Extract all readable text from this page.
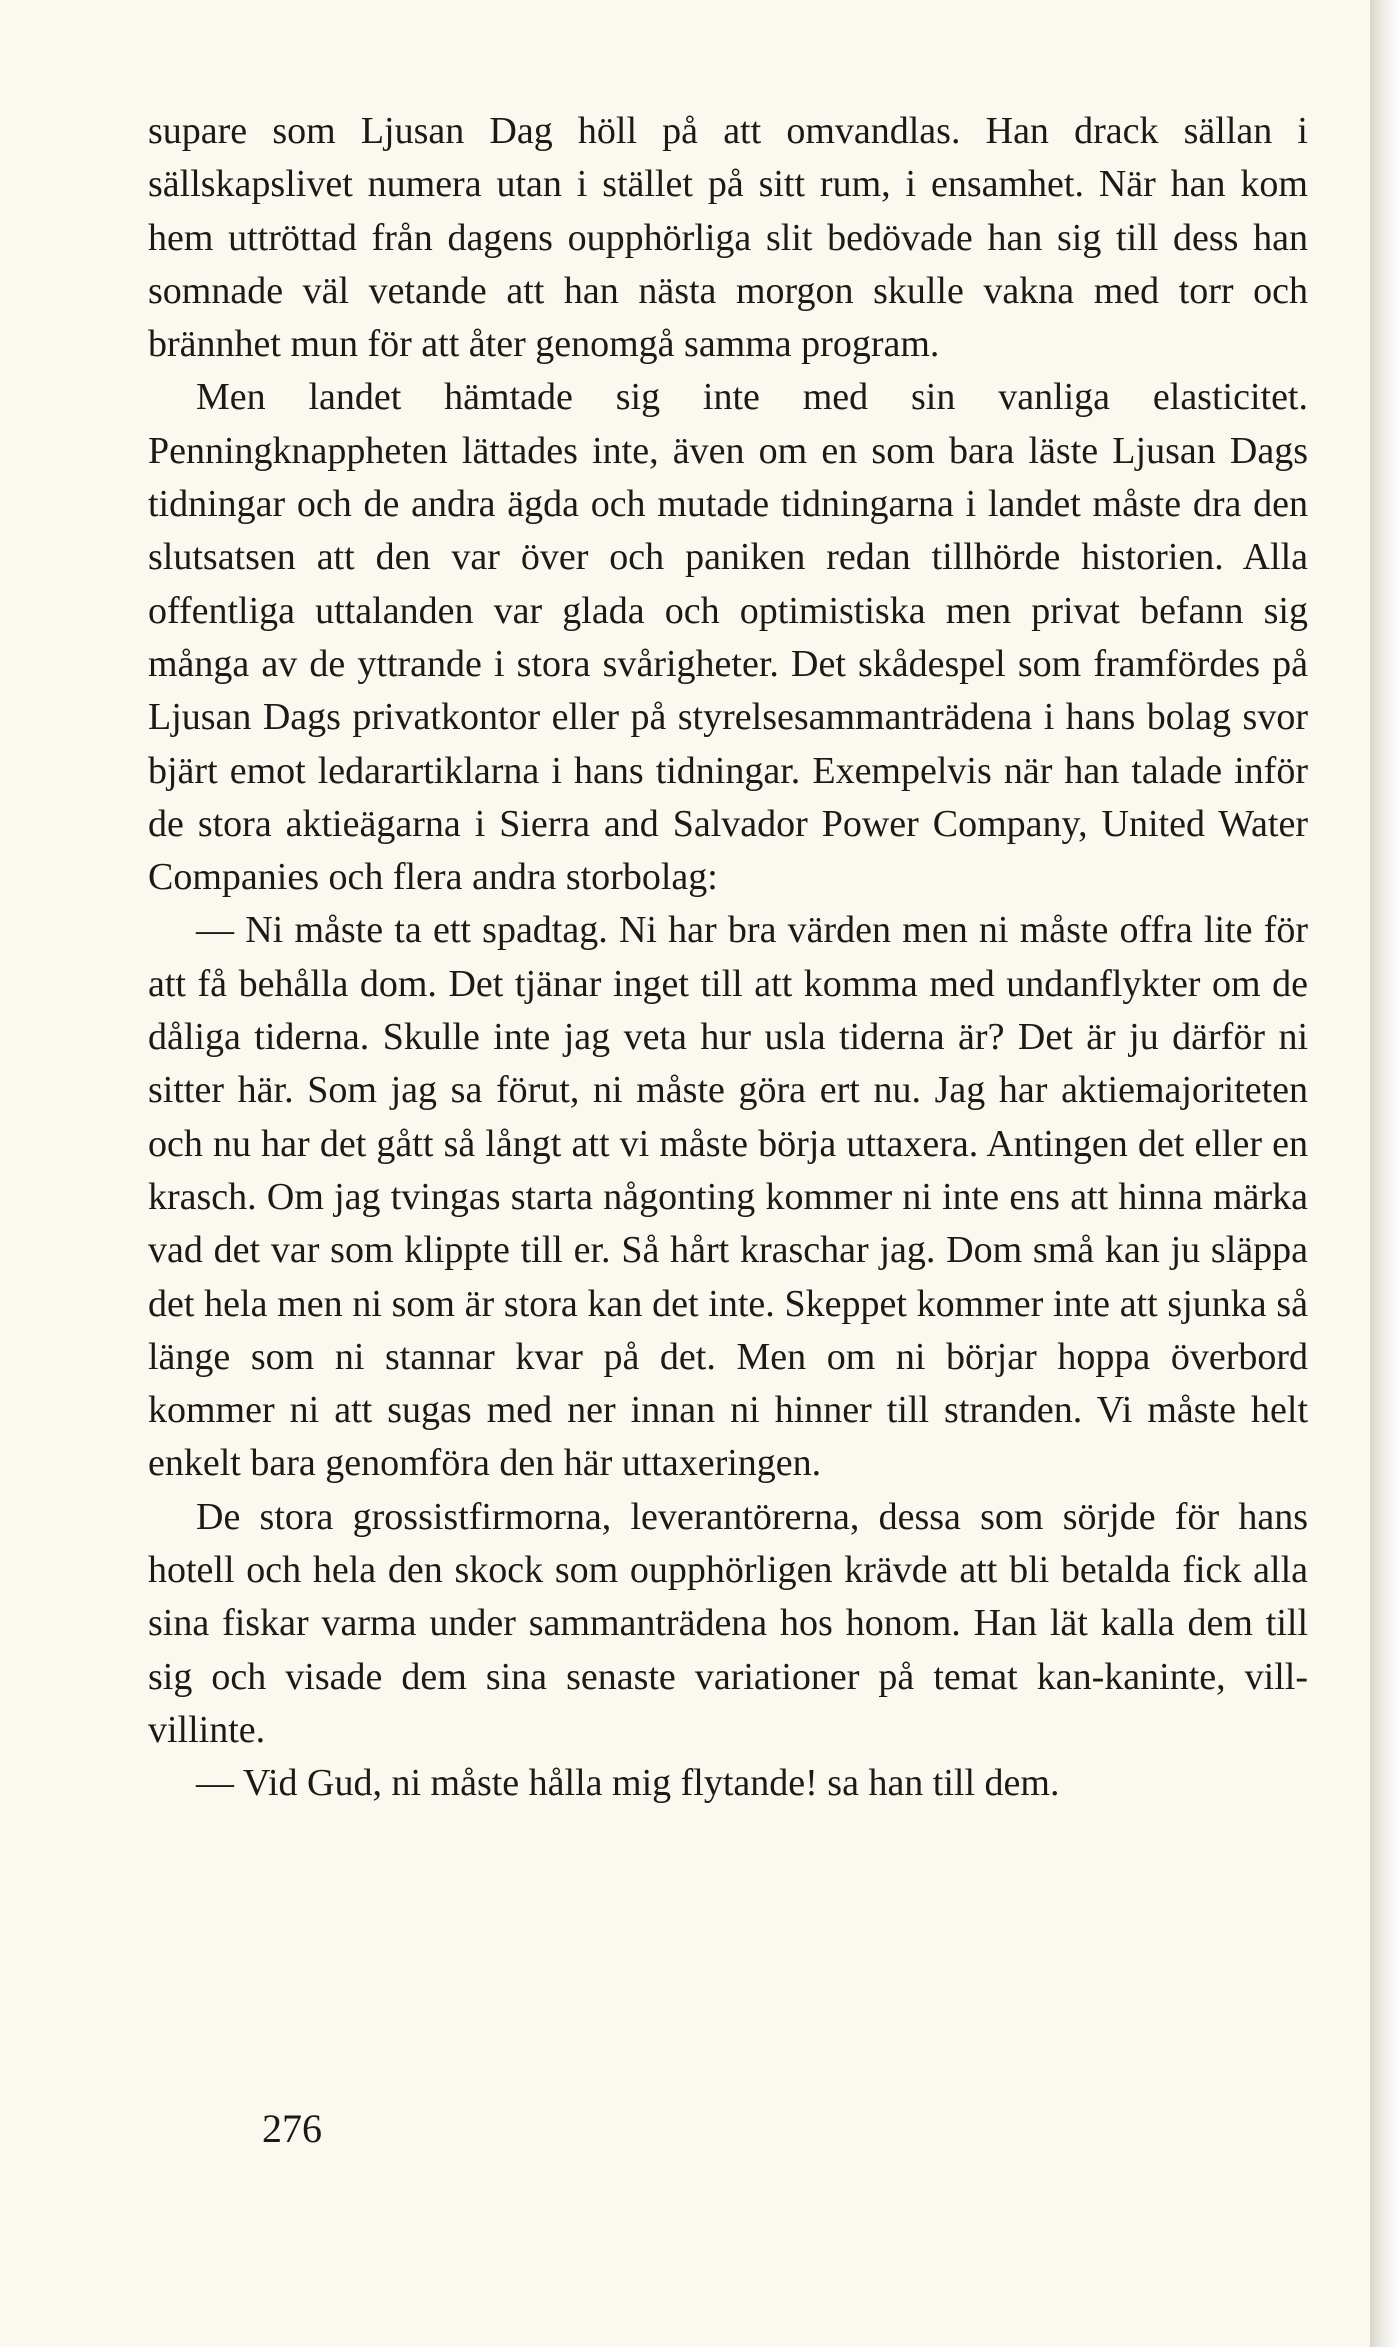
supare som Ljusan Dag höll på att omvandlas. Han drack sällan i sällskapslivet numera utan i stället på sitt rum, i ensamhet. När han kom hem uttröttad från dagens oupphörliga slit bedövade han sig till dess han somnade väl vetande att han nästa morgon skulle vakna med torr och brännhet mun för att åter genomgå samma program.

Men landet hämtade sig inte med sin vanliga elasticitet. Penningknappheten lättades inte, även om en som bara läste Ljusan Dags tidningar och de andra ägda och mutade tidningarna i landet måste dra den slutsatsen att den var över och paniken redan tillhörde historien. Alla offentliga uttalanden var glada och optimistiska men privat befann sig många av de yttrande i stora svårigheter. Det skådespel som framfördes på Ljusan Dags privatkontor eller på styrelsesammanträdena i hans bolag svor bjärt emot ledarartiklarna i hans tidningar. Exempelvis när han talade inför de stora aktieägarna i Sierra and Salvador Power Company, United Water Companies och flera andra storbolag:

— Ni måste ta ett spadtag. Ni har bra värden men ni måste offra lite för att få behålla dom. Det tjänar inget till att komma med undanflykter om de dåliga tiderna. Skulle inte jag veta hur usla tiderna är? Det är ju därför ni sitter här. Som jag sa förut, ni måste göra ert nu. Jag har aktiemajoriteten och nu har det gått så långt att vi måste börja uttaxera. Antingen det eller en krasch. Om jag tvingas starta någonting kommer ni inte ens att hinna märka vad det var som klippte till er. Så hårt kraschar jag. Dom små kan ju släppa det hela men ni som är stora kan det inte. Skeppet kommer inte att sjunka så länge som ni stannar kvar på det. Men om ni börjar hoppa överbord kommer ni att sugas med ner innan ni hinner till stranden. Vi måste helt enkelt bara genomföra den här uttaxeringen.

De stora grossistfirmorna, leverantörerna, dessa som sörjde för hans hotell och hela den skock som oupphörligen krävde att bli betalda fick alla sina fiskar varma under sammanträdena hos honom. Han lät kalla dem till sig och visade dem sina senaste variationer på temat kan-kaninte, vill-villinte.

— Vid Gud, ni måste hålla mig flytande! sa han till dem.

276
